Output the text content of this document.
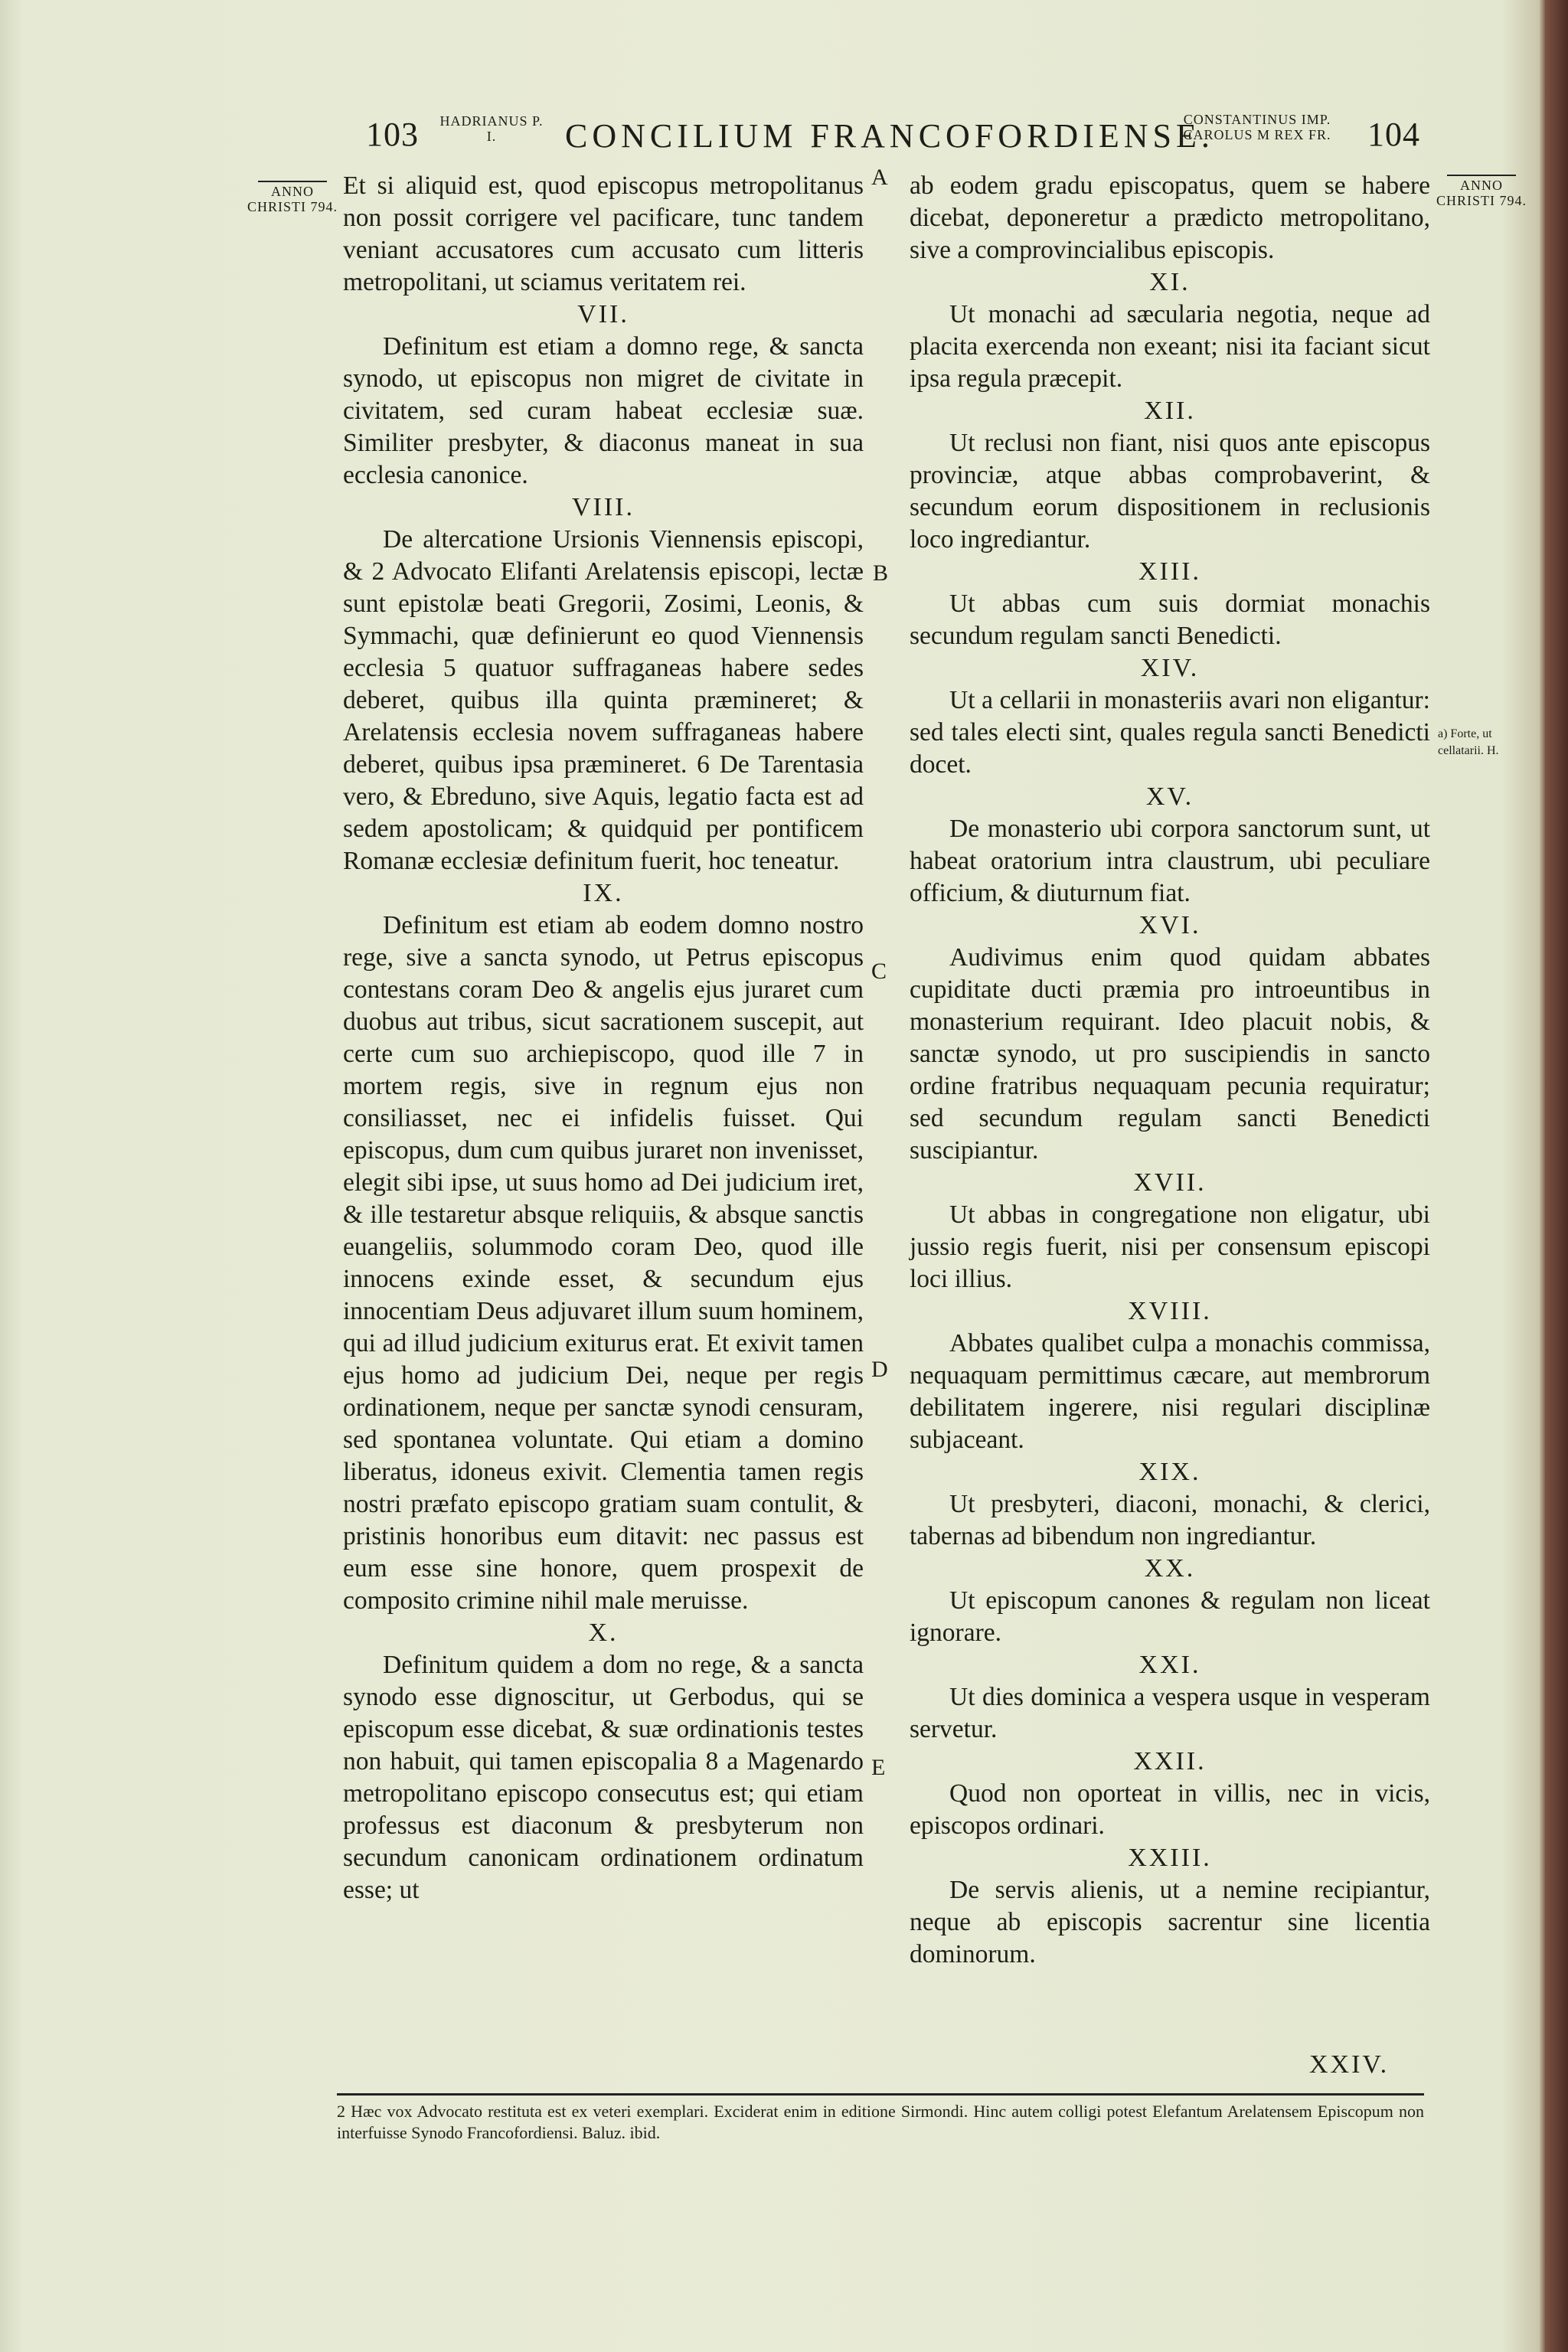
103 HADRIANUS P. I.	CONCILIUM FRANCOFORDIENSE.
CONSTANTINUS IMP. CAROLUS M REX FR.	104
ANNO CHRISTI 794.
ANNO CHRISTI 794.
A
B
C
D
E
a) Forte, ut cellatarii. H.

Et si aliquid est, quod episcopus metropolitanus non possit corrigere vel pacificare, tunc tandem veniant accusatores cum accusato cum litteris metropolitani, ut sciamus veritatem rei.

VII.

Definitum est etiam a domno rege, & sancta synodo, ut episcopus non migret de civitate in civitatem, sed curam habeat ecclesiæ suæ. Similiter presbyter, & diaconus maneat in sua ecclesia canonice.

VIII.

De altercatione Ursionis Viennensis episcopi, & 2 Advocato Elifanti Arelatensis episcopi, lectæ sunt epistolæ beati Gregorii, Zosimi, Leonis, & Symmachi, quæ definierunt eo quod Viennensis ecclesia 5 quatuor suffraganeas habere sedes deberet, quibus illa quinta præmineret; & Arelatensis ecclesia novem suffraganeas habere deberet, quibus ipsa præmineret. 6 De Tarentasia vero, & Ebreduno, sive Aquis, legatio facta est ad sedem apostolicam; & quidquid per pontificem Romanæ ecclesiæ definitum fuerit, hoc teneatur.

IX.

Definitum est etiam ab eodem domno nostro rege, sive a sancta synodo, ut Petrus episcopus contestans coram Deo & angelis ejus juraret cum duobus aut tribus, sicut sacrationem suscepit, aut certe cum suo archiepiscopo, quod ille 7 in mortem regis, sive in regnum ejus non consiliasset, nec ei infidelis fuisset. Qui episcopus, dum cum quibus juraret non invenisset, elegit sibi ipse, ut suus homo ad Dei judicium iret, & ille testaretur absque reliquiis, & absque sanctis euangeliis, solummodo coram Deo, quod ille innocens exinde esset, & secundum ejus innocentiam Deus adjuvaret illum suum hominem, qui ad illud judicium exiturus erat. Et exivit tamen ejus homo ad judicium Dei, neque per regis ordinationem, neque per sanctæ synodi censuram, sed spontanea voluntate. Qui etiam a domino liberatus, idoneus exivit. Clementia tamen regis nostri præfato episcopo gratiam suam contulit, & pristinis honoribus eum ditavit: nec passus est eum esse sine honore, quem prospexit de composito crimine nihil male meruisse.

X.

Definitum quidem a dom no rege, & a sancta synodo esse dignoscitur, ut Gerbodus, qui se episcopum esse dicebat, & suæ ordinationis testes non habuit, qui tamen episcopalia 8 a Magenardo metropolitano episcopo consecutus est; qui etiam professus est diaconum & presbyterum non secundum canonicam ordinationem ordinatum esse; ut

ab eodem gradu episcopatus, quem se habere dicebat, deponeretur a prædicto metropolitano, sive a comprovincialibus episcopis.

XI.

Ut monachi ad sæcularia negotia, neque ad placita exercenda non exeant; nisi ita faciant sicut ipsa regula præcepit.

XII.

Ut reclusi non fiant, nisi quos ante episcopus provinciæ, atque abbas comprobaverint, & secundum eorum dispositionem in reclusionis loco ingrediantur.

XIII.

Ut abbas cum suis dormiat monachis secundum regulam sancti Benedicti.

XIV.

Ut a cellarii in monasteriis avari non eligantur: sed tales electi sint, quales regula sancti Benedicti docet.

XV.

De monasterio ubi corpora sanctorum sunt, ut habeat oratorium intra claustrum, ubi peculiare officium, & diuturnum fiat.

XVI.

Audivimus enim quod quidam abbates cupiditate ducti præmia pro introeuntibus in monasterium requirant. Ideo placuit nobis, & sanctæ synodo, ut pro suscipiendis in sancto ordine fratribus nequaquam pecunia requiratur; sed secundum regulam sancti Benedicti suscipiantur.

XVII.

Ut abbas in congregatione non eligatur, ubi jussio regis fuerit, nisi per consensum episcopi loci illius.

XVIII.

Abbates qualibet culpa a monachis commissa, nequaquam permittimus cæcare, aut membrorum debilitatem ingerere, nisi regulari disciplinæ subjaceant.

XIX.

Ut presbyteri, diaconi, monachi, & clerici, tabernas ad bibendum non ingrediantur.

XX.

Ut episcopum canones & regulam non liceat ignorare.

XXI.

Ut dies dominica a vespera usque in vesperam servetur.

XXII.

Quod non oporteat in villis, nec in vicis, episcopos ordinari.

XXIII.

De servis alienis, ut a nemine recipiantur, neque ab episcopis sacrentur sine licentia dominorum.

XXIV.
2 Hæc vox Advocato restituta est ex veteri exemplari. Exciderat enim in editione Sirmondi. Hinc autem colligi potest Elefantum Arelatensem Episcopum non interfuisse Synodo Francofordiensi. Baluz. ibid.
